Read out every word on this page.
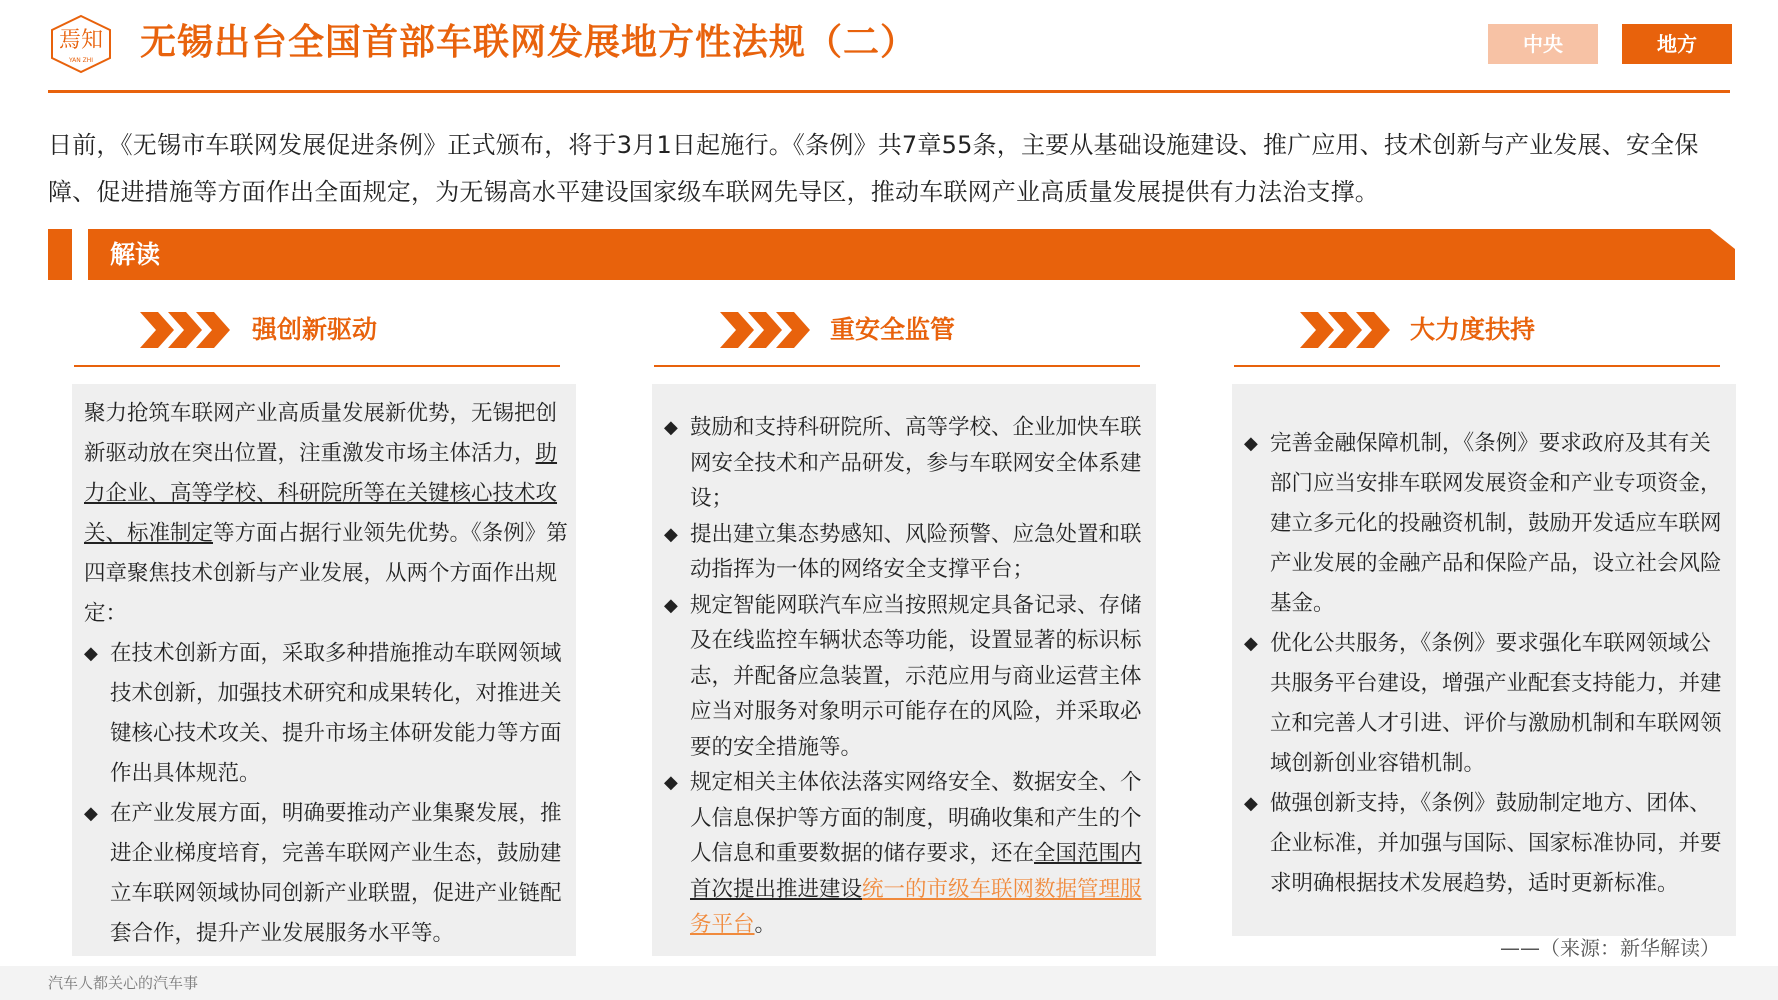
焉知
YAN ZHI 无锡出台全国首部车联网发展地方性法规（二）	中央	地方
日前，《无锡市车联网发展促进条例》正式颁布，将于3月1日起施行。《条例》共7章55条，主要从基础设施建设、推广应用、技术创新与产业发展、安全保障、促进措施等方面作出全面规定，为无锡高水平建设国家级车联网先导区，推动车联网产业高质量发展提供有力法治支撑。
解读
强创新驱动	重安全监管	大力度扶持

聚力抢筑车联网产业高质量发展新优势，无锡把创新驱动放在突出位置，注重激发市场主体活力，助力企业、高等学校、科研院所等在关键核心技术攻关、标准制定等方面占据行业领先优势。《条例》第四章聚焦技术创新与产业发展，从两个方面作出规定：

◆ 在技术创新方面，采取多种措施推动车联网领域技术创新，加强技术研究和成果转化，对推进关键核心技术攻关、提升市场主体研发能力等方面作出具体规范。
◆ 在产业发展方面，明确要推动产业集聚发展，推进企业梯度培育，完善车联网产业生态，鼓励建立车联网领域协同创新产业联盟，促进产业链配套合作，提升产业发展服务水平等。
◆ 鼓励和支持科研院所、高等学校、企业加快车联网安全技术和产品研发，参与车联网安全体系建设；
◆ 提出建立集态势感知、风险预警、应急处置和联动指挥为一体的网络安全支撑平台；
◆ 规定智能网联汽车应当按照规定具备记录、存储及在线监控车辆状态等功能，设置显著的标识标志，并配备应急装置，示范应用与商业运营主体应当对服务对象明示可能存在的风险，并采取必要的安全措施等。
◆ 规定相关主体依法落实网络安全、数据安全、个人信息保护等方面的制度，明确收集和产生的个人信息和重要数据的储存要求，还在全国范围内首次提出推进建设统一的市级车联网数据管理服务平台。
◆ 完善金融保障机制，《条例》要求政府及其有关部门应当安排车联网发展资金和产业专项资金，建立多元化的投融资机制，鼓励开发适应车联网产业发展的金融产品和保险产品，设立社会风险基金。
◆ 优化公共服务，《条例》要求强化车联网领域公共服务平台建设，增强产业配套支持能力，并建立和完善人才引进、评价与激励机制和车联网领域创新创业容错机制。
◆ 做强创新支持，《条例》鼓励制定地方、团体、企业标准，并加强与国际、国家标准协同，并要求明确根据技术发展趋势，适时更新标准。
——（来源：新华解读）
汽车人都关心的汽车事
